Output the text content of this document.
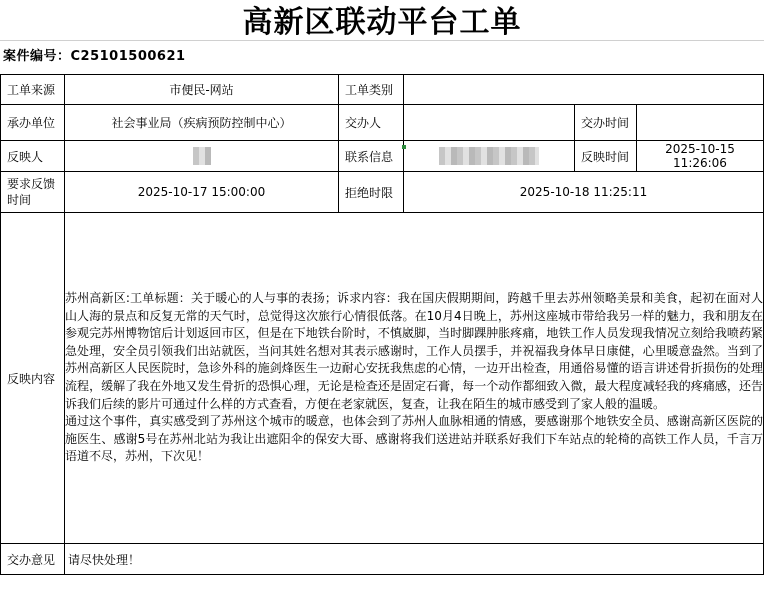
高新区联动平台工单
案件编号：C25101500621
工单来源	市便民-网站	工单类别			
承办单位	社会事业局（疾病预防控制中心）	交办人		交办时间	
反映人		联系信息		反映时间	2025-10-15 11:26:06
要求反馈时间	2025-10-17 15:00:00	拒绝时限	2025-10-18 11:25:11		
反映内容	苏州高新区:工单标题：关于暖心的人与事的表扬；诉求内容：我在国庆假期期间，跨越千里去苏州领略美景和美食，起初在面对人山人海的景点和反复无常的天气时，总觉得这次旅行心情很低落。在10月4日晚上，苏州这座城市带给我另一样的魅力，我和朋友在参观完苏州博物馆后计划返回市区，但是在下地铁台阶时，不慎崴脚，当时脚踝肿胀疼痛，地铁工作人员发现我情况立刻给我喷药紧急处理，安全员引领我们出站就医，当问其姓名想对其表示感谢时，工作人员摆手，并祝福我身体早日康健，心里暖意盎然。当到了苏州高新区人民医院时，急诊外科的施剑烽医生一边耐心安抚我焦虑的心情，一边开出检查，用通俗易懂的语言讲述骨折损伤的处理流程，缓解了我在外地又发生骨折的恐惧心理，无论是检查还是固定石膏，每一个动作都细致入微，最大程度减轻我的疼痛感，还告诉我们后续的影片可通过什么样的方式查看，方便在老家就医，复查，让我在陌生的城市感受到了家人般的温暖。

通过这个事件，真实感受到了苏州这个城市的暖意，也体会到了苏州人血脉相通的情感，要感谢那个地铁安全员、感谢高新区医院的施医生、感谢5号在苏州北站为我让出遮阳伞的保安大哥、感谢将我们送进站并联系好我们下车站点的轮椅的高铁工作人员，千言万语道不尽，苏州，下次见！				

交办意见	请尽快处理！				
